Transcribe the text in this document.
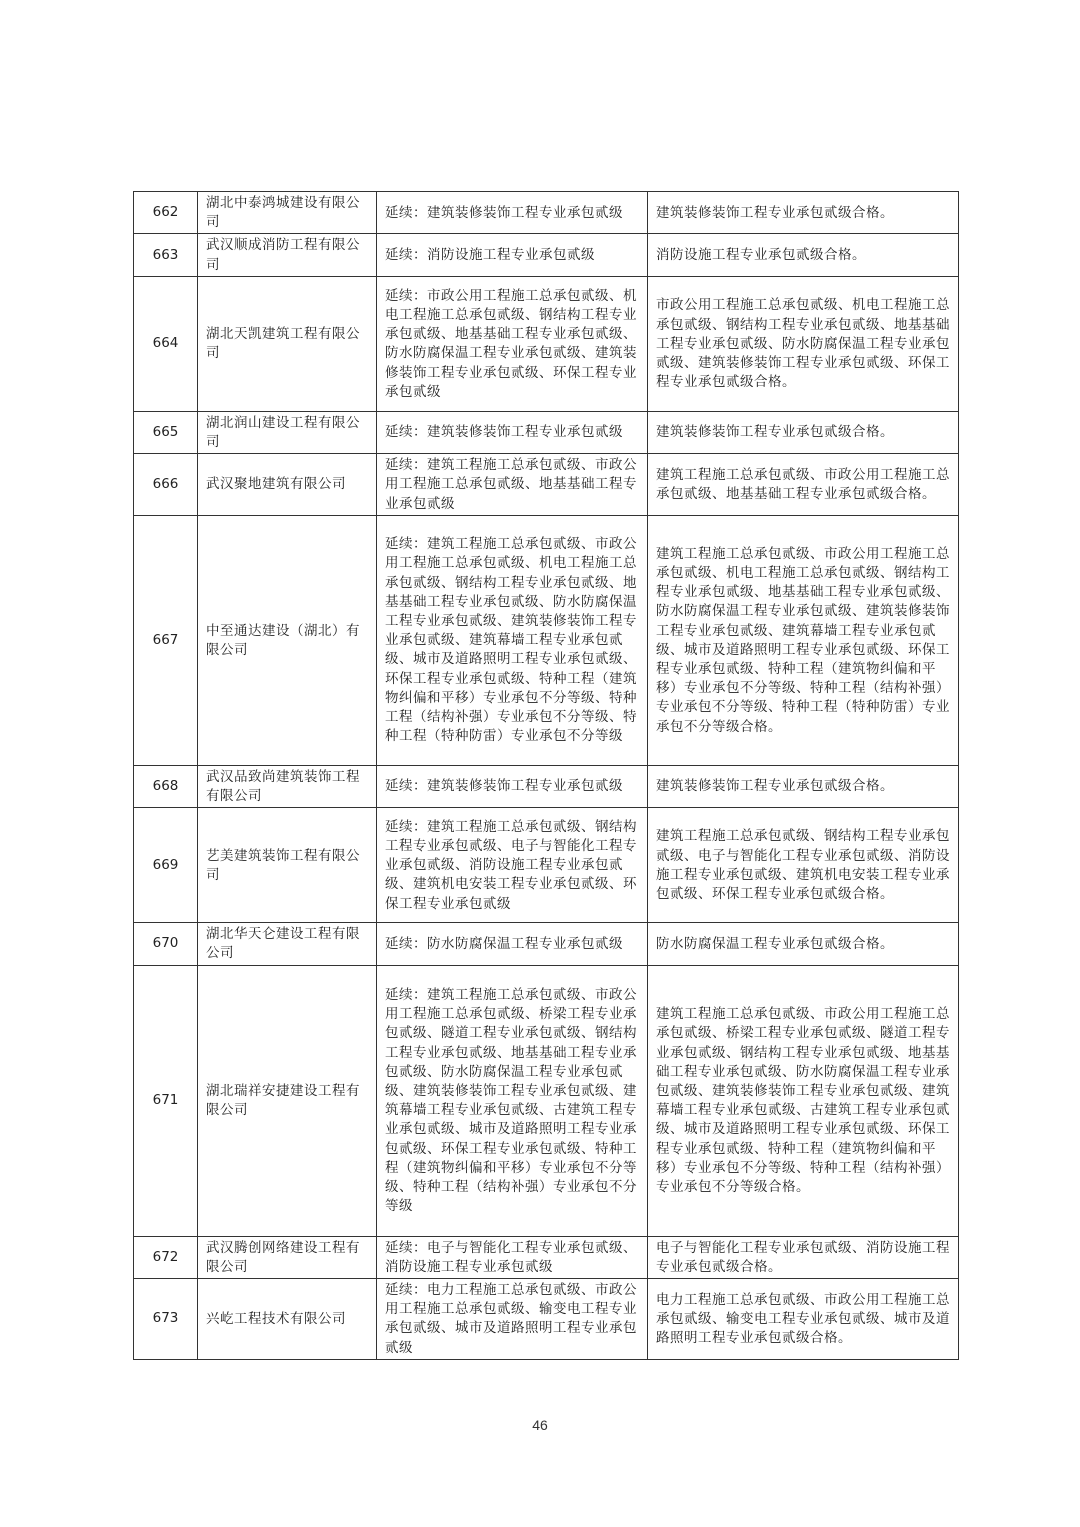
662	湖北中泰鸿城建设有限公司	延续：建筑装修装饰工程专业承包贰级	建筑装修装饰工程专业承包贰级合格。
663	武汉顺成消防工程有限公司	延续：消防设施工程专业承包贰级	消防设施工程专业承包贰级合格。
664	湖北天凯建筑工程有限公司	延续：市政公用工程施工总承包贰级、机电工程施工总承包贰级、钢结构工程专业承包贰级、地基基础工程专业承包贰级、防水防腐保温工程专业承包贰级、建筑装修装饰工程专业承包贰级、环保工程专业承包贰级	市政公用工程施工总承包贰级、机电工程施工总承包贰级、钢结构工程专业承包贰级、地基基础工程专业承包贰级、防水防腐保温工程专业承包贰级、建筑装修装饰工程专业承包贰级、环保工程专业承包贰级合格。
665	湖北润山建设工程有限公司	延续：建筑装修装饰工程专业承包贰级	建筑装修装饰工程专业承包贰级合格。
666	武汉聚地建筑有限公司	延续：建筑工程施工总承包贰级、市政公用工程施工总承包贰级、地基基础工程专业承包贰级	建筑工程施工总承包贰级、市政公用工程施工总承包贰级、地基基础工程专业承包贰级合格。
667	中至通达建设（湖北）有限公司	延续：建筑工程施工总承包贰级、市政公用工程施工总承包贰级、机电工程施工总承包贰级、钢结构工程专业承包贰级、地基基础工程专业承包贰级、防水防腐保温工程专业承包贰级、建筑装修装饰工程专业承包贰级、建筑幕墙工程专业承包贰级、城市及道路照明工程专业承包贰级、环保工程专业承包贰级、特种工程（建筑物纠偏和平移）专业承包不分等级、特种工程（结构补强）专业承包不分等级、特种工程（特种防雷）专业承包不分等级	建筑工程施工总承包贰级、市政公用工程施工总承包贰级、机电工程施工总承包贰级、钢结构工程专业承包贰级、地基基础工程专业承包贰级、防水防腐保温工程专业承包贰级、建筑装修装饰工程专业承包贰级、建筑幕墙工程专业承包贰级、城市及道路照明工程专业承包贰级、环保工程专业承包贰级、特种工程（建筑物纠偏和平移）专业承包不分等级、特种工程（结构补强）专业承包不分等级、特种工程（特种防雷）专业承包不分等级合格。
668	武汉品致尚建筑装饰工程有限公司	延续：建筑装修装饰工程专业承包贰级	建筑装修装饰工程专业承包贰级合格。
669	艺美建筑装饰工程有限公司	延续：建筑工程施工总承包贰级、钢结构工程专业承包贰级、电子与智能化工程专业承包贰级、消防设施工程专业承包贰级、建筑机电安装工程专业承包贰级、环保工程专业承包贰级	建筑工程施工总承包贰级、钢结构工程专业承包贰级、电子与智能化工程专业承包贰级、消防设施工程专业承包贰级、建筑机电安装工程专业承包贰级、环保工程专业承包贰级合格。
670	湖北华天仑建设工程有限公司	延续：防水防腐保温工程专业承包贰级	防水防腐保温工程专业承包贰级合格。
671	湖北瑞祥安捷建设工程有限公司	延续：建筑工程施工总承包贰级、市政公用工程施工总承包贰级、桥梁工程专业承包贰级、隧道工程专业承包贰级、钢结构工程专业承包贰级、地基基础工程专业承包贰级、防水防腐保温工程专业承包贰级、建筑装修装饰工程专业承包贰级、建筑幕墙工程专业承包贰级、古建筑工程专业承包贰级、城市及道路照明工程专业承包贰级、环保工程专业承包贰级、特种工程（建筑物纠偏和平移）专业承包不分等级、特种工程（结构补强）专业承包不分等级	建筑工程施工总承包贰级、市政公用工程施工总承包贰级、桥梁工程专业承包贰级、隧道工程专业承包贰级、钢结构工程专业承包贰级、地基基础工程专业承包贰级、防水防腐保温工程专业承包贰级、建筑装修装饰工程专业承包贰级、建筑幕墙工程专业承包贰级、古建筑工程专业承包贰级、城市及道路照明工程专业承包贰级、环保工程专业承包贰级、特种工程（建筑物纠偏和平移）专业承包不分等级、特种工程（结构补强）专业承包不分等级合格。
672	武汉腾创网络建设工程有限公司	延续：电子与智能化工程专业承包贰级、消防设施工程专业承包贰级	电子与智能化工程专业承包贰级、消防设施工程专业承包贰级合格。
673	兴屹工程技术有限公司	延续：电力工程施工总承包贰级、市政公用工程施工总承包贰级、输变电工程专业承包贰级、城市及道路照明工程专业承包贰级	电力工程施工总承包贰级、市政公用工程施工总承包贰级、输变电工程专业承包贰级、城市及道路照明工程专业承包贰级合格。
46
